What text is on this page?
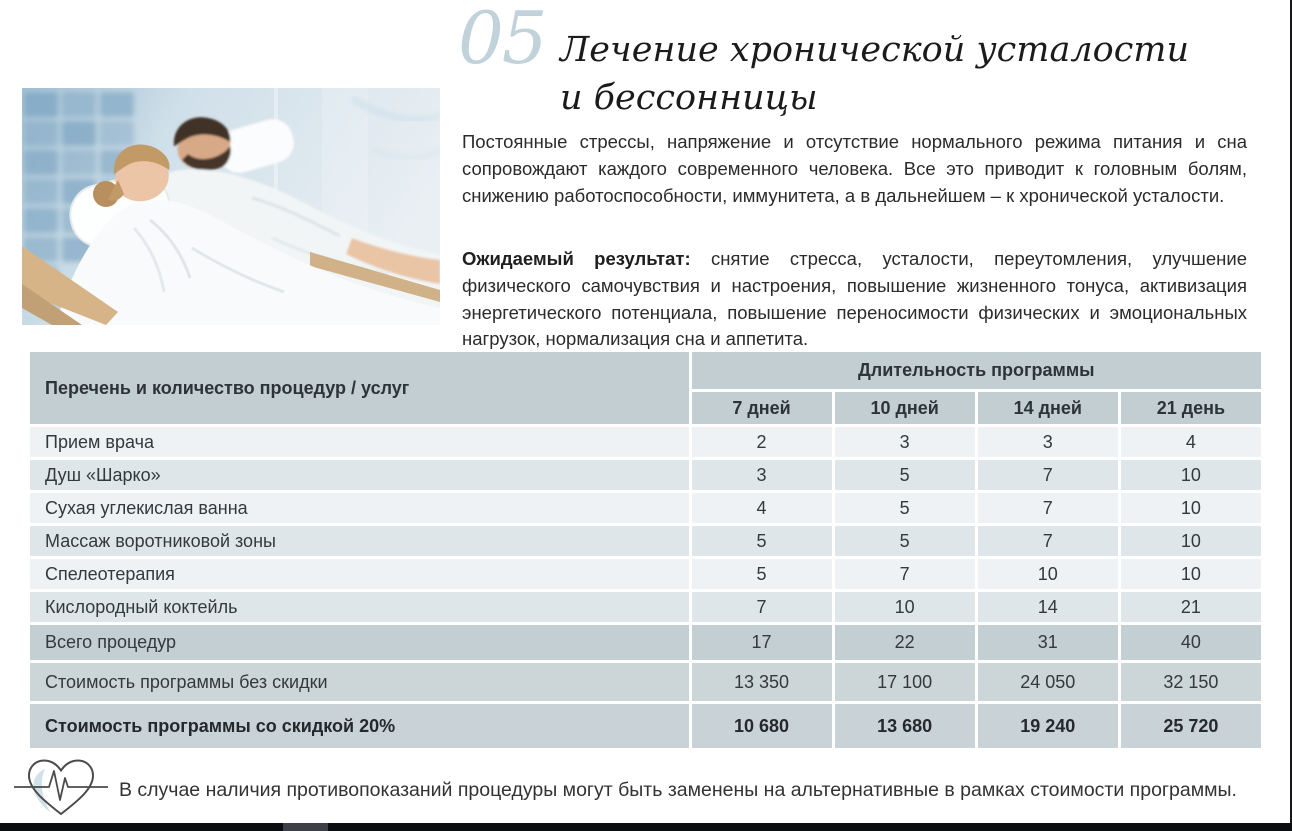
05 Лечение хронической усталости
и бессонницы

Постоянные стрессы, напряжение и отсутствие нормального режима питания и сна сопровождают каждого современного человека. Все это приводит к головным болям, снижению работоспособности, иммунитета, а в дальнейшем – к хронической усталости.

Ожидаемый результат: снятие стресса, усталости, переутомления, улучшение физического самочувствия и настроения, повышение жизненного тонуса, активизация энергетического потенциала, повышение переносимости физических и эмоциональных нагрузок, нормализация сна и аппетита.

Перечень и количество процедур / услуг	Длительность программы			
	7 дней	10 дней	14 дней	21 день
Прием врача	2	3	3	4
Душ «Шарко»	3	5	7	10
Сухая углекислая ванна	4	5	7	10
Массаж воротниковой зоны	5	5	7	10
Спелеотерапия	5	7	10	10
Кислородный коктейль	7	10	14	21
Всего процедур	17	22	31	40
Стоимость программы без скидки	13 350	17 100	24 050	32 150
Стоимость программы со скидкой 20%	10 680	13 680	19 240	25 720
В случае наличия противопоказаний процедуры могут быть заменены на альтернативные в рамках стоимости программы.
